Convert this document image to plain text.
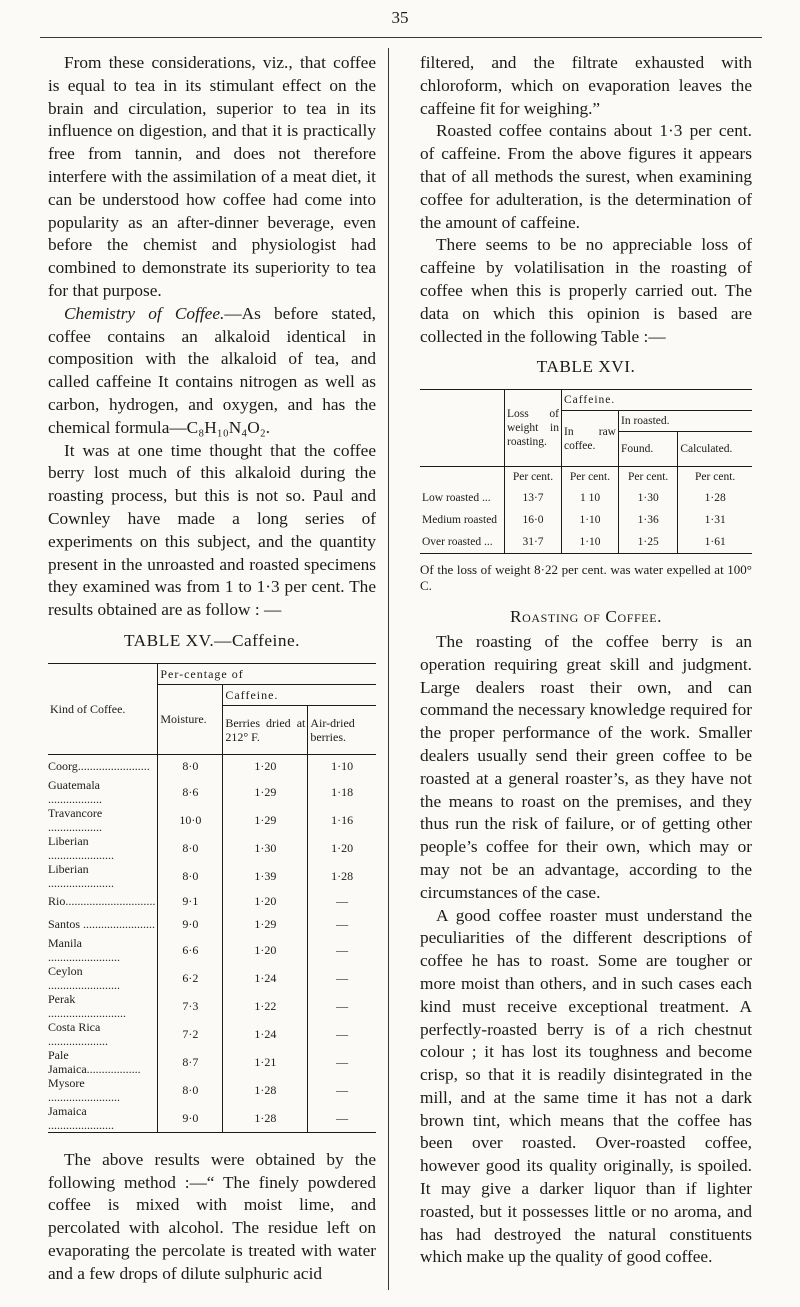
35

From these considerations, viz., that coffee is equal to tea in its stimulant effect on the brain and circulation, superior to tea in its influence on digestion, and that it is practically free from tannin, and does not therefore interfere with the assimilation of a meat diet, it can be understood how coffee had come into popularity as an after-dinner beverage, even before the chemist and physiologist had combined to demonstrate its superiority to tea for that purpose.

Chemistry of Coffee.—As before stated, coffee contains an alkaloid identical in composition with the alkaloid of tea, and called caffeine It contains nitrogen as well as carbon, hydrogen, and oxygen, and has the chemical formula—C₈H₁₀N₄O₂.

It was at one time thought that the coffee berry lost much of this alkaloid during the roasting process, but this is not so. Paul and Cownley have made a long series of experiments on this subject, and the quantity present in the unroasted and roasted specimens they examined was from 1 to 1·3 per cent. The results obtained are as follow : —

TABLE XV.—Caffeine.

Kind of Coffee.	Per-centage of		
	Moisture.	Caffeine.	
		Berries dried at 212° F.	Air-dried berries.
Coorg........................	8·0	1·20	1·10
Guatemala ..................	8·6	1·29	1·18
Travancore ..................	10·0	1·29	1·16
Liberian ......................	8·0	1·30	1·20
Liberian ......................	8·0	1·39	1·28
Rio..............................	9·1	1·20	—
Santos ........................	9·0	1·29	—
Manila ........................	6·6	1·20	—
Ceylon ........................	6·2	1·24	—
Perak ..........................	7·3	1·22	—
Costa Rica ....................	7·2	1·24	—
Pale Jamaica..................	8·7	1·21	—
Mysore ........................	8·0	1·28	—
Jamaica ......................	9·0	1·28	—

The above results were obtained by the following method :—“ The finely powdered coffee is mixed with moist lime, and percolated with alcohol. The residue left on evaporating the percolate is treated with water and a few drops of dilute sulphuric acid

filtered, and the filtrate exhausted with chloroform, which on evaporation leaves the caffeine fit for weighing.”

Roasted coffee contains about 1·3 per cent. of caffeine. From the above figures it appears that of all methods the surest, when examining coffee for adulteration, is the determination of the amount of caffeine.

There seems to be no appreciable loss of caffeine by volatilisation in the roasting of coffee when this is properly carried out. The data on which this opinion is based are collected in the following Table :—

TABLE XVI.

	Loss of weight in roasting.	Caffeine.		
		In raw coffee.	In roasted.	
			Found.	Calculated.
	Per cent.	Per cent.	Per cent.	Per cent.
Low roasted ...	13·7	1 10	1·30	1·28
Medium roasted	16·0	1·10	1·36	1·31
Over roasted ...	31·7	1·10	1·25	1·61

Of the loss of weight 8·22 per cent. was water expelled at 100° C.

Roasting of Coffee.

The roasting of the coffee berry is an operation requiring great skill and judgment. Large dealers roast their own, and can command the necessary knowledge required for the proper performance of the work. Smaller dealers usually send their green coffee to be roasted at a general roaster’s, as they have not the means to roast on the premises, and they thus run the risk of failure, or of getting other people’s coffee for their own, which may or may not be an advantage, according to the circumstances of the case.

A good coffee roaster must understand the peculiarities of the different descriptions of coffee he has to roast. Some are tougher or more moist than others, and in such cases each kind must receive exceptional treatment. A perfectly-roasted berry is of a rich chestnut colour ; it has lost its toughness and become crisp, so that it is readily disintegrated in the mill, and at the same time it has not a dark brown tint, which means that the coffee has been over roasted. Over-roasted coffee, however good its quality originally, is spoiled. It may give a darker liquor than if lighter roasted, but it possesses little or no aroma, and has had destroyed the natural constituents which make up the quality of good coffee.
